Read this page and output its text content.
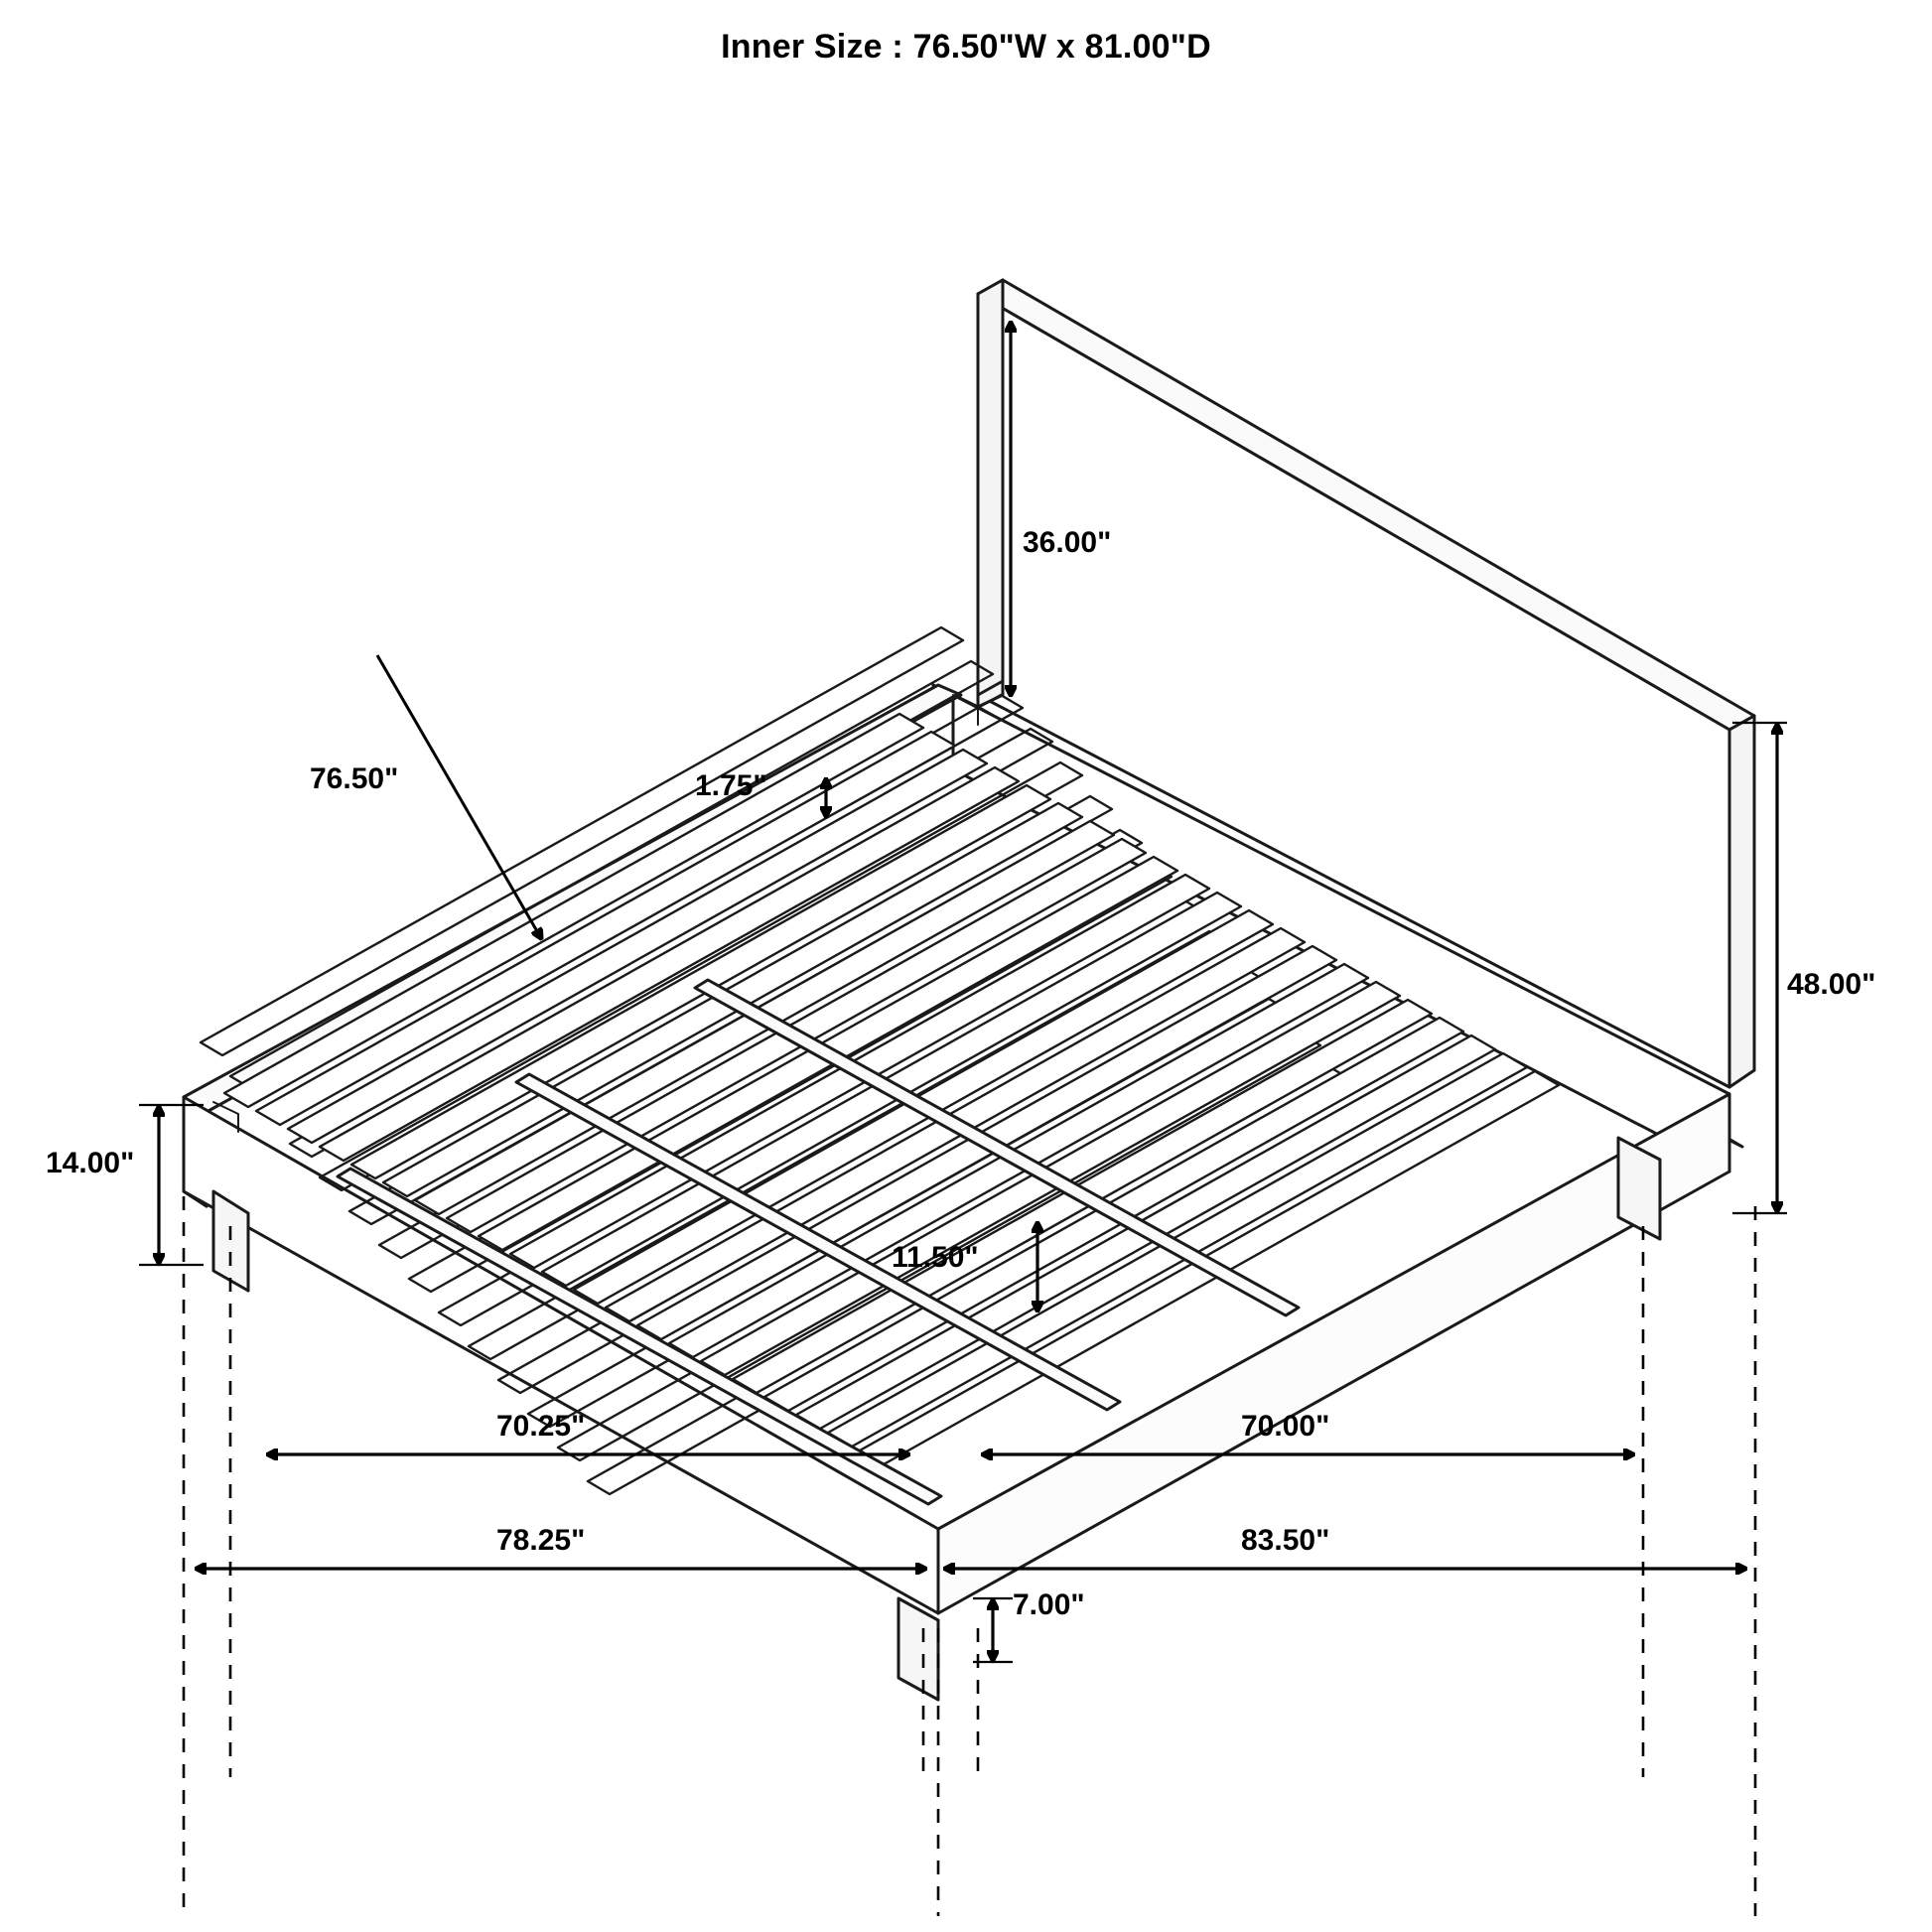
Inner Size : 76.50"W x 81.00"D
36.00"
48.00"
76.50"	1.75"
14.00"
11.50"
7.00"
70.25"	70.00"
78.25"	83.50"
